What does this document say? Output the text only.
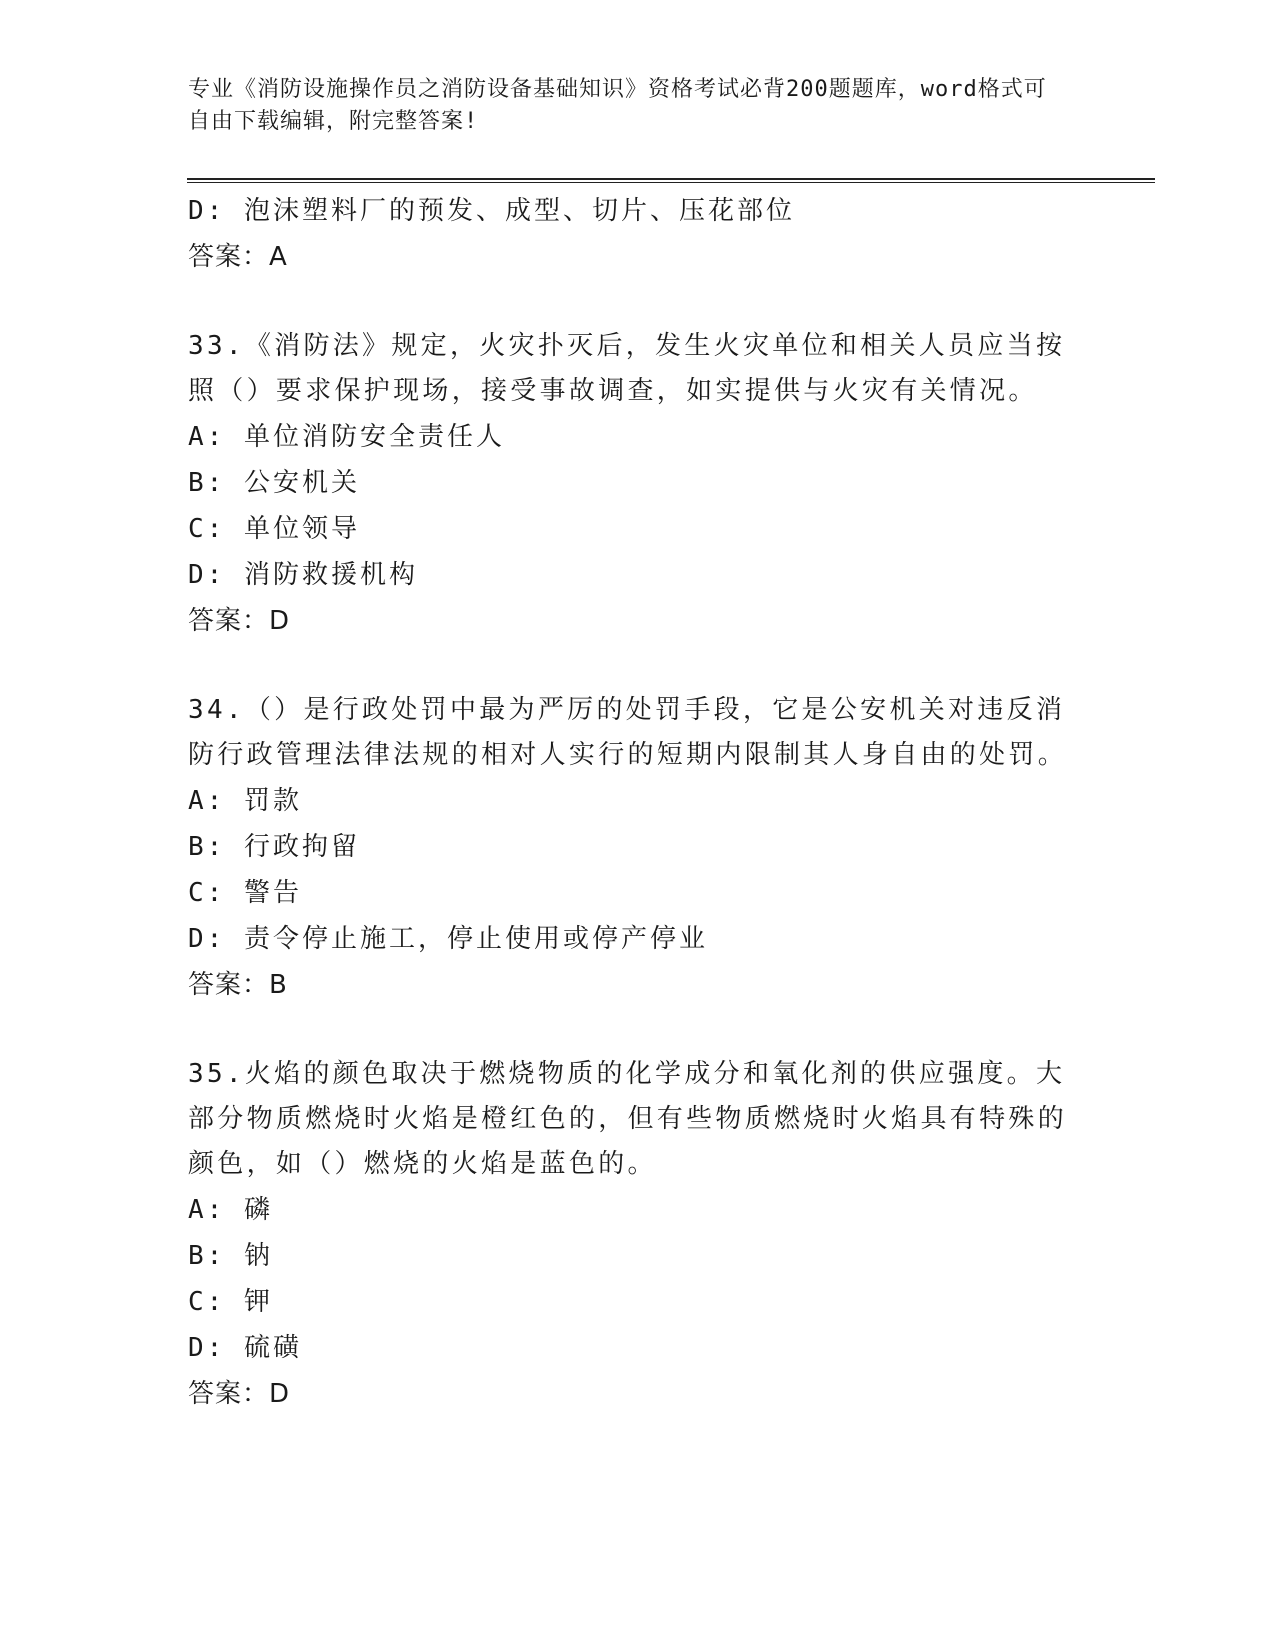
专业《消防设施操作员之消防设备基础知识》资格考试必背200题题库，word格式可自由下载编辑，附完整答案!
D: 泡沫塑料厂的预发、成型、切片、压花部位
答案：A
33.《消防法》规定，火灾扑灭后，发生火灾单位和相关人员应当按照（）要求保护现场，接受事故调查，如实提供与火灾有关情况。
A: 单位消防安全责任人
B: 公安机关
C: 单位领导
D: 消防救援机构
答案：D
34.（）是行政处罚中最为严厉的处罚手段，它是公安机关对违反消防行政管理法律法规的相对人实行的短期内限制其人身自由的处罚。
A: 罚款
B: 行政拘留
C: 警告
D: 责令停止施工，停止使用或停产停业
答案：B
35.火焰的颜色取决于燃烧物质的化学成分和氧化剂的供应强度。大部分物质燃烧时火焰是橙红色的，但有些物质燃烧时火焰具有特殊的颜色，如（）燃烧的火焰是蓝色的。
A: 磷
B: 钠
C: 钾
D: 硫磺
答案：D
